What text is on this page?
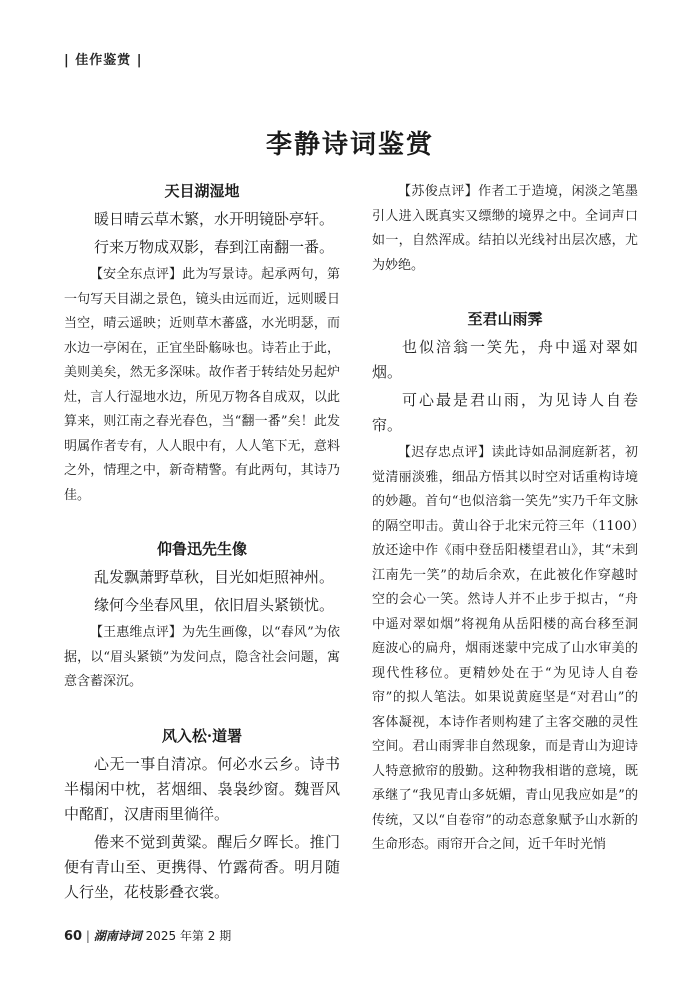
| 佳作鉴赏 |
李静诗词鉴赏

天目湖湿地

暖日晴云草木繁，水开明镜卧亭轩。

行来万物成双影，春到江南翻一番。

【安全东点评】此为写景诗。起承两句，第一句写天目湖之景色，镜头由远而近，远则暖日当空，晴云遥映；近则草木蕃盛，水光明瑟，而水边一亭闲在，正宜坐卧觞咏也。诗若止于此，美则美矣，然无多深味。故作者于转结处另起炉灶，言人行湿地水边，所见万物各自成双，以此算来，则江南之春光春色，当“翻一番”矣！此发明属作者专有，人人眼中有，人人笔下无，意料之外，情理之中，新奇精警。有此两句，其诗乃佳。

仰鲁迅先生像

乱发飘萧野草秋，目光如炬照神州。

缘何今坐春风里，依旧眉头紧锁忧。

【王惠维点评】为先生画像，以“春风”为依据，以“眉头紧锁”为发问点，隐含社会问题，寓意含蓄深沉。

风入松·道署

心无一事自清凉。何必水云乡。诗书半榻闲中枕，茗烟细、袅袅纱窗。魏晋风中酩酊，汉唐雨里徜徉。

倦来不觉到黄粱。醒后夕晖长。推门便有青山至、更携得、竹露荷香。明月随人行坐，花枝影叠衣裳。

【苏俊点评】作者工于造境，闲淡之笔墨引人进入既真实又缥缈的境界之中。全词声口如一，自然浑成。结拍以光线衬出层次感，尤为妙绝。

至君山雨霁

也似涪翁一笑先，舟中遥对翠如烟。

可心最是君山雨，为见诗人自卷帘。

【迟存忠点评】读此诗如品洞庭新茗，初觉清丽淡雅，细品方悟其以时空对话重构诗境的妙趣。首句“也似涪翁一笑先”实乃千年文脉的隔空叩击。黄山谷于北宋元符三年（1100）放还途中作《雨中登岳阳楼望君山》，其“未到江南先一笑”的劫后余欢，在此被化作穿越时空的会心一笑。然诗人并不止步于拟古，“舟中遥对翠如烟”将视角从岳阳楼的高台移至洞庭波心的扁舟，烟雨迷蒙中完成了山水审美的现代性移位。更精妙处在于“为见诗人自卷帘”的拟人笔法。如果说黄庭坚是“对君山”的客体凝视，本诗作者则构建了主客交融的灵性空间。君山雨霁非自然现象，而是青山为迎诗人特意掀帘的殷勤。这种物我相谐的意境，既承继了“我见青山多妩媚，青山见我应如是”的传统，又以“自卷帘”的动态意象赋予山水新的生命形态。雨帘开合之间，近千年时光悄

60 | 湖南诗词 2025 年第 2 期
